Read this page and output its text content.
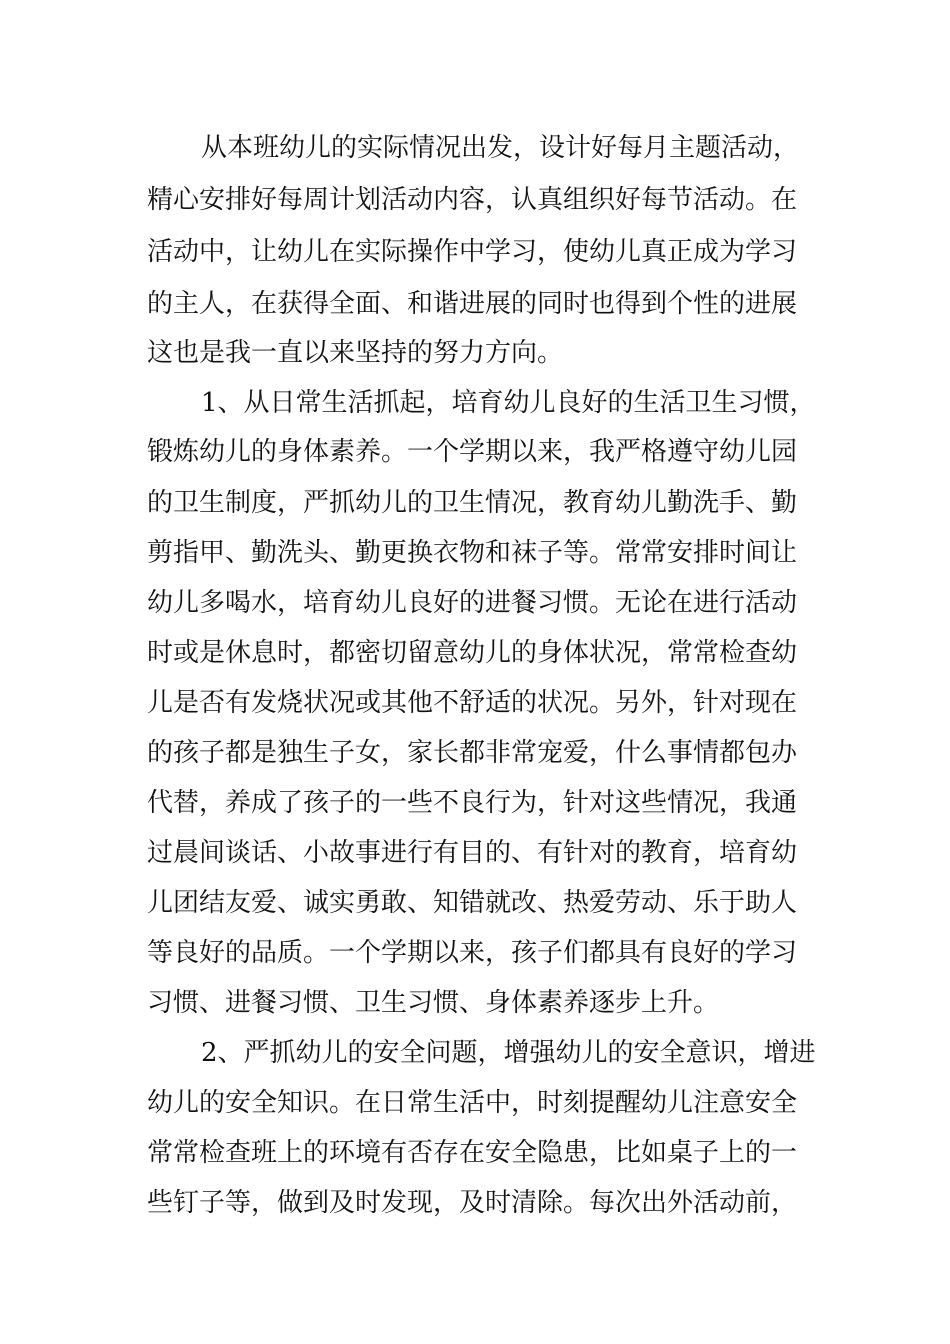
从本班幼儿的实际情况出发，设计好每月主题活动，
精心安排好每周计划活动内容，认真组织好每节活动。在
活动中，让幼儿在实际操作中学习，使幼儿真正成为学习
的主人，在获得全面、和谐进展的同时也得到个性的进展
这也是我一直以来坚持的努力方向。
1、从日常生活抓起，培育幼儿良好的生活卫生习惯，
锻炼幼儿的身体素养。一个学期以来，我严格遵守幼儿园
的卫生制度，严抓幼儿的卫生情况，教育幼儿勤洗手、勤
剪指甲、勤洗头、勤更换衣物和袜子等。常常安排时间让
幼儿多喝水，培育幼儿良好的进餐习惯。无论在进行活动
时或是休息时，都密切留意幼儿的身体状况，常常检查幼
儿是否有发烧状况或其他不舒适的状况。另外，针对现在
的孩子都是独生子女，家长都非常宠爱，什么事情都包办
代替，养成了孩子的一些不良行为，针对这些情况，我通
过晨间谈话、小故事进行有目的、有针对的教育，培育幼
儿团结友爱、诚实勇敢、知错就改、热爱劳动、乐于助人
等良好的品质。一个学期以来，孩子们都具有良好的学习
习惯、进餐习惯、卫生习惯、身体素养逐步上升。
2、严抓幼儿的安全问题，增强幼儿的安全意识，增进
幼儿的安全知识。在日常生活中，时刻提醒幼儿注意安全
常常检查班上的环境有否存在安全隐患，比如桌子上的一
些钉子等，做到及时发现，及时清除。每次出外活动前，
